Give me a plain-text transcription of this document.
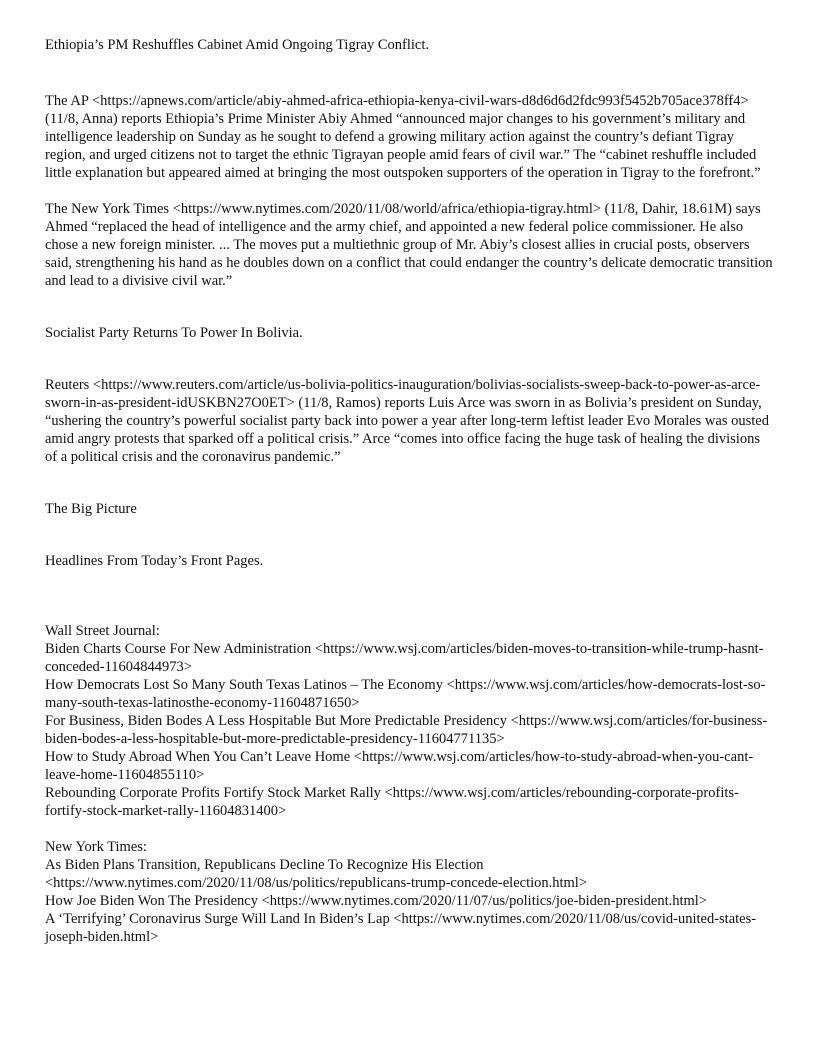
Ethiopia’s PM Reshuffles Cabinet Amid Ongoing Tigray Conflict.

The AP <https://apnews.com/article/abiy-ahmed-africa-ethiopia-kenya-civil-wars-d8d6d6d2fdc993f5452b705ace378ff4> (11/8, Anna) reports Ethiopia’s Prime Minister Abiy Ahmed “announced major changes to his government’s military and intelligence leadership on Sunday as he sought to defend a growing military action against the country’s defiant Tigray region, and urged citizens not to target the ethnic Tigrayan people amid fears of civil war.” The “cabinet reshuffle included little explanation but appeared aimed at bringing the most outspoken supporters of the operation in Tigray to the forefront.”

The New York Times <https://www.nytimes.com/2020/11/08/world/africa/ethiopia-tigray.html> (11/8, Dahir, 18.61M) says Ahmed “replaced the head of intelligence and the army chief, and appointed a new federal police commissioner. He also chose a new foreign minister. ... The moves put a multiethnic group of Mr. Abiy’s closest allies in crucial posts, observers said, strengthening his hand as he doubles down on a conflict that could endanger the country’s delicate democratic transition and lead to a divisive civil war.”

Socialist Party Returns To Power In Bolivia.

Reuters <https://www.reuters.com/article/us-bolivia-politics-inauguration/bolivias-socialists-sweep-back-to-power-as-arce-sworn-in-as-president-idUSKBN27O0ET> (11/8, Ramos) reports Luis Arce was sworn in as Bolivia’s president on Sunday, “ushering the country’s powerful socialist party back into power a year after long-term leftist leader Evo Morales was ousted amid angry protests that sparked off a political crisis.” Arce “comes into office facing the huge task of healing the divisions of a political crisis and the coronavirus pandemic.”

The Big Picture

Headlines From Today’s Front Pages.

Wall Street Journal:

Biden Charts Course For New Administration <https://www.wsj.com/articles/biden-moves-to-transition-while-trump-hasnt-conceded-11604844973>

How Democrats Lost So Many South Texas Latinos – The Economy <https://www.wsj.com/articles/how-democrats-lost-so-many-south-texas-latinosthe-economy-11604871650>

For Business, Biden Bodes A Less Hospitable But More Predictable Presidency <https://www.wsj.com/articles/for-business-biden-bodes-a-less-hospitable-but-more-predictable-presidency-11604771135>

How to Study Abroad When You Can’t Leave Home <https://www.wsj.com/articles/how-to-study-abroad-when-you-cant-leave-home-11604855110>

Rebounding Corporate Profits Fortify Stock Market Rally <https://www.wsj.com/articles/rebounding-corporate-profits-fortify-stock-market-rally-11604831400>

New York Times:

As Biden Plans Transition, Republicans Decline To Recognize His Election <https://www.nytimes.com/2020/11/08/us/politics/republicans-trump-concede-election.html>

How Joe Biden Won The Presidency <https://www.nytimes.com/2020/11/07/us/politics/joe-biden-president.html>

A ‘Terrifying’ Coronavirus Surge Will Land In Biden’s Lap <https://www.nytimes.com/2020/11/08/us/covid-united-states-joseph-biden.html>
